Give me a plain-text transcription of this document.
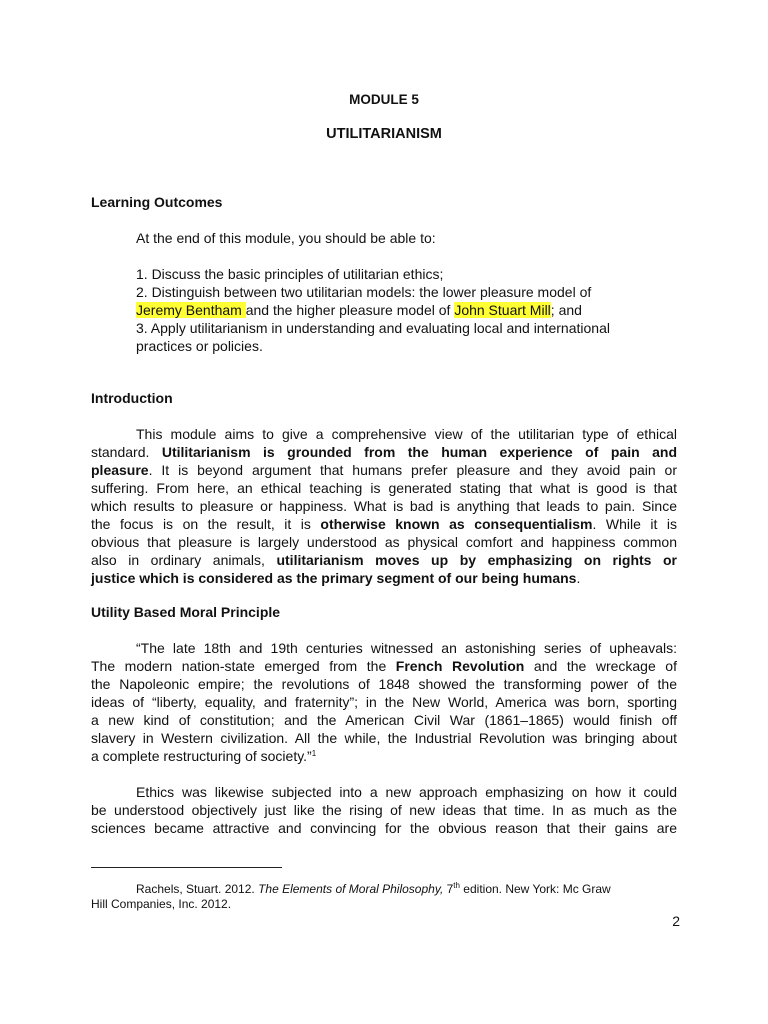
MODULE 5
UTILITARIANISM
Learning Outcomes

At the end of this module, you should be able to:

1. Discuss the basic principles of utilitarian ethics;

2. Distinguish between two utilitarian models: the lower pleasure model of

Jeremy Bentham and the higher pleasure model of John Stuart Mill; and

3. Apply utilitarianism in understanding and evaluating local and international

practices or policies.

Introduction
This module aims to give a comprehensive view of the utilitarian type of ethical
standard. Utilitarianism is grounded from the human experience of pain and
pleasure. It is beyond argument that humans prefer pleasure and they avoid pain or
suffering. From here, an ethical teaching is generated stating that what is good is that
which results to pleasure or happiness. What is bad is anything that leads to pain. Since
the focus is on the result, it is otherwise known as consequentialism. While it is
obvious that pleasure is largely understood as physical comfort and happiness common
also in ordinary animals, utilitarianism moves up by emphasizing on rights or
justice which is considered as the primary segment of our being humans.
Utility Based Moral Principle
“The late 18th and 19th centuries witnessed an astonishing series of upheavals:
The modern nation-state emerged from the French Revolution and the wreckage of
the Napoleonic empire; the revolutions of 1848 showed the transforming power of the
ideas of “liberty, equality, and fraternity”; in the New World, America was born, sporting
a new kind of constitution; and the American Civil War (1861–1865) would finish off
slavery in Western civilization. All the while, the Industrial Revolution was bringing about
a complete restructuring of society.”$^1$
Ethics was likewise subjected into a new approach emphasizing on how it could
be understood objectively just like the rising of new ideas that time. In as much as the
sciences became attractive and convincing for the obvious reason that their gains are
Rachels, Stuart. 2012. The Elements of Moral Philosophy, 7th edition. New York: Mc Graw
Hill Companies, Inc. 2012.
2
